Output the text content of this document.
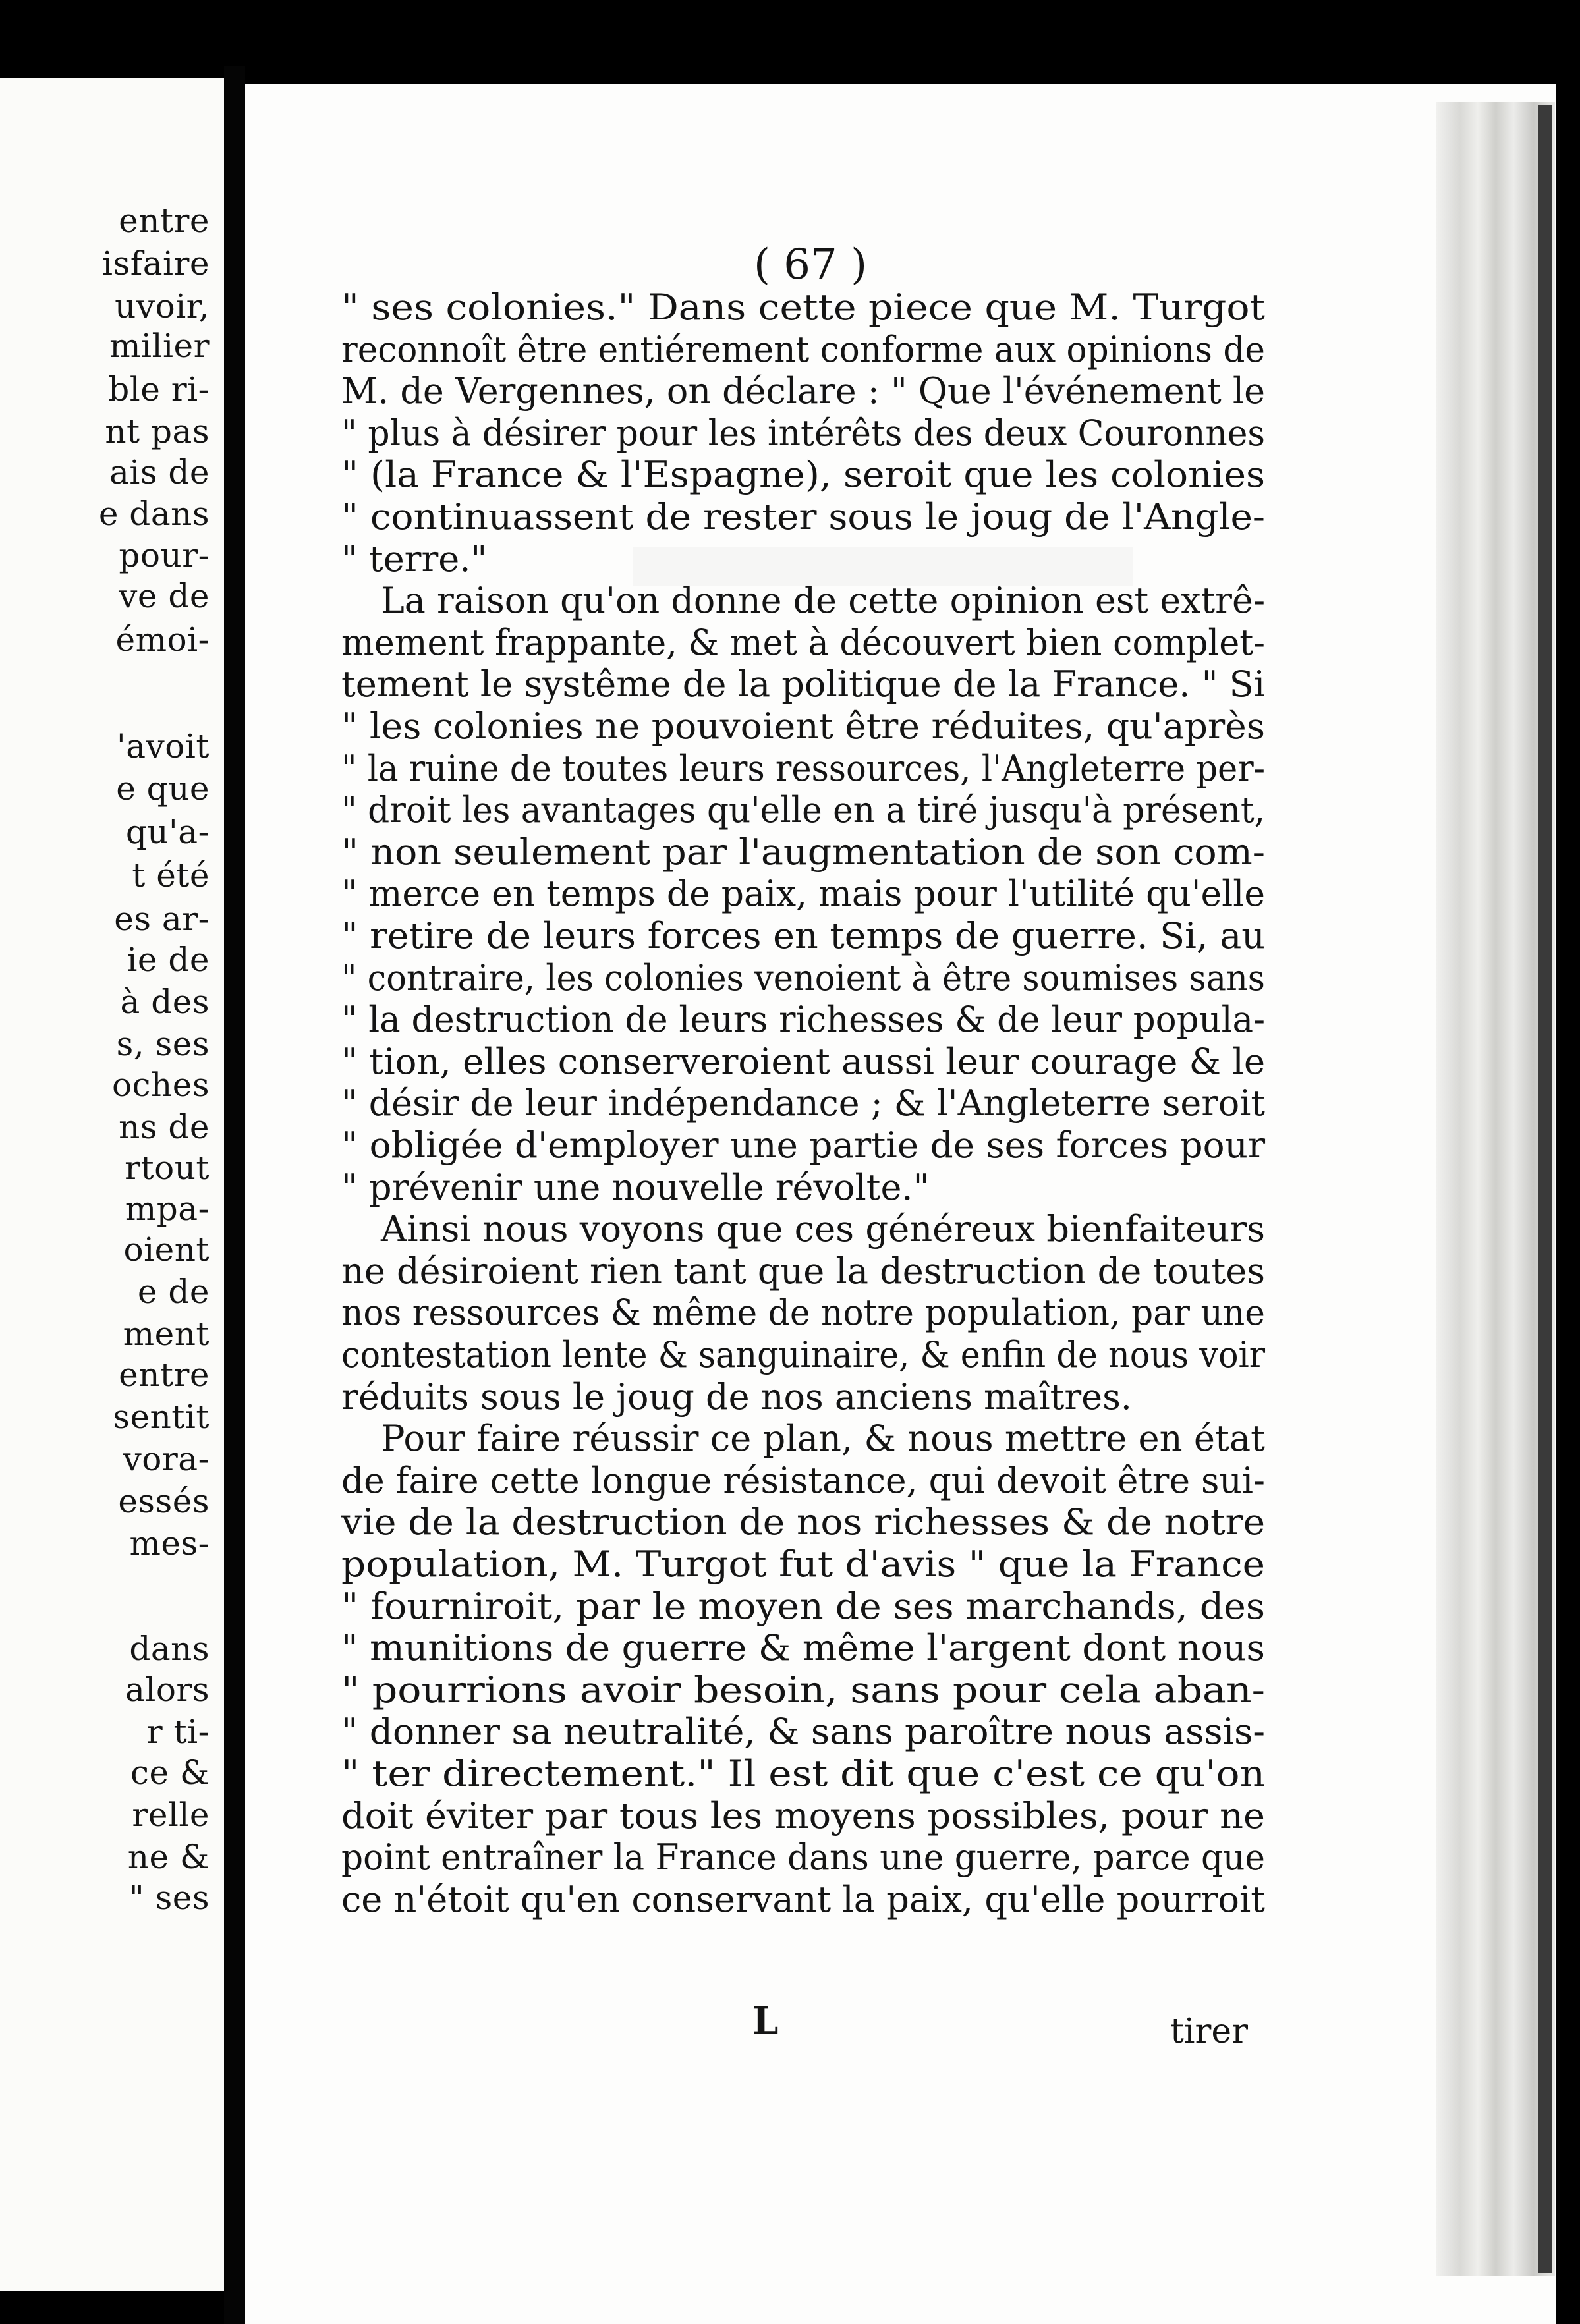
entre
isfaire
uvoir,
milier
ble ri-
nt pas
ais de
e dans
pour-
ve de
émoi-
'avoit
e que
qu'a-
t été
es ar-
ie de
à des
s, ses
oches
ns de
rtout
mpa-
oient
e de
ment
entre
sentit
vora-
essés
mes-
dans
alors
r ti-
ce &
relle
ne &
" ses
( 67 )
" ses colonies." Dans cette piece que M. Turgot
reconnoît être entiérement conforme aux opinions de
M. de Vergennes, on déclare : " Que l'événement le
" plus à désirer pour les intérêts des deux Couronnes
" (la France & l'Espagne), seroit que les colonies
" continuassent de rester sous le joug de l'Angle-
" terre."
La raison qu'on donne de cette opinion est extrê-
mement frappante, & met à découvert bien complet-
tement le systême de la politique de la France. " Si
" les colonies ne pouvoient être réduites, qu'après
" la ruine de toutes leurs ressources, l'Angleterre per-
" droit les avantages qu'elle en a tiré jusqu'à présent,
" non seulement par l'augmentation de son com-
" merce en temps de paix, mais pour l'utilité qu'elle
" retire de leurs forces en temps de guerre. Si, au
" contraire, les colonies venoient à être soumises sans
" la destruction de leurs richesses & de leur popula-
" tion, elles conserveroient aussi leur courage & le
" désir de leur indépendance ; & l'Angleterre seroit
" obligée d'employer une partie de ses forces pour
" prévenir une nouvelle révolte."
Ainsi nous voyons que ces généreux bienfaiteurs
ne désiroient rien tant que la destruction de toutes
nos ressources & même de notre population, par une
contestation lente & sanguinaire, & enfin de nous voir
réduits sous le joug de nos anciens maîtres.
Pour faire réussir ce plan, & nous mettre en état
de faire cette longue résistance, qui devoit être sui-
vie de la destruction de nos richesses & de notre
population, M. Turgot fut d'avis " que la France
" fourniroit, par le moyen de ses marchands, des
" munitions de guerre & même l'argent dont nous
" pourrions avoir besoin, sans pour cela aban-
" donner sa neutralité, & sans paroître nous assis-
" ter directement." Il est dit que c'est ce qu'on
doit éviter par tous les moyens possibles, pour ne
point entraîner la France dans une guerre, parce que
ce n'étoit qu'en conservant la paix, qu'elle pourroit
L	tirer
